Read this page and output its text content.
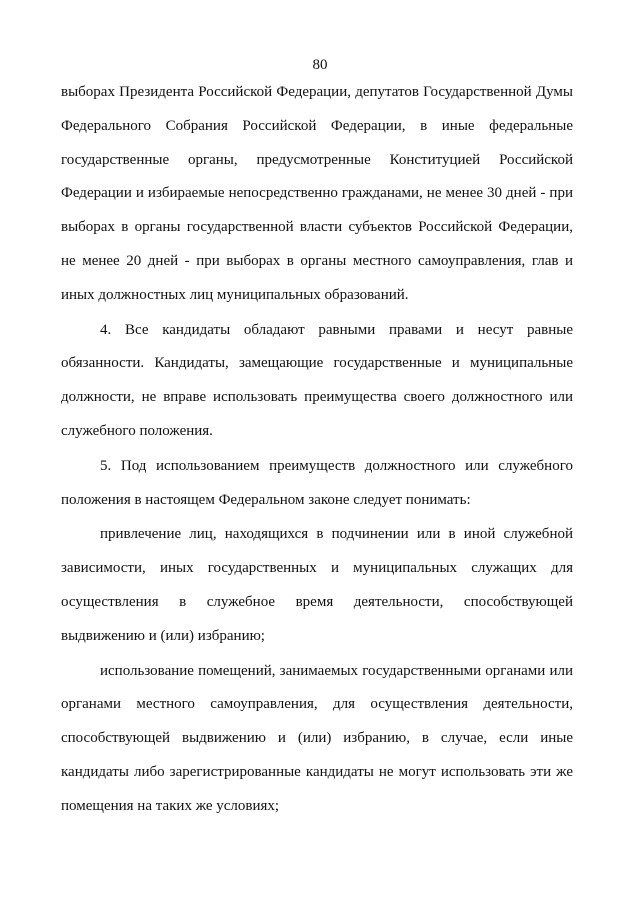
80

выборах Президента Российской Федерации, депутатов Государственной Думы Федерального Собрания Российской Федерации, в иные федеральные государственные органы, предусмотренные Конституцией Российской Федерации и избираемые непосредственно гражданами, не менее 30 дней - при выборах в органы государственной власти субъектов Российской Федерации, не менее 20 дней - при выборах в органы местного самоуправления, глав и иных должностных лиц муниципальных образований.

4. Все кандидаты обладают равными правами и несут равные обязанности. Кандидаты, замещающие государственные и муниципальные должности, не вправе использовать преимущества своего должностного или служебного положения.

5. Под использованием преимуществ должностного или служебного положения в настоящем Федеральном законе следует понимать:

привлечение лиц, находящихся в подчинении или в иной служебной зависимости, иных государственных и муниципальных служащих для осуществления в служебное время деятельности, способствующей выдвижению и (или) избранию;

использование помещений, занимаемых государственными органами или органами местного самоуправления, для осуществления деятельности, способствующей выдвижению и (или) избранию, в случае, если иные кандидаты либо зарегистрированные кандидаты не могут использовать эти же помещения на таких же условиях;
